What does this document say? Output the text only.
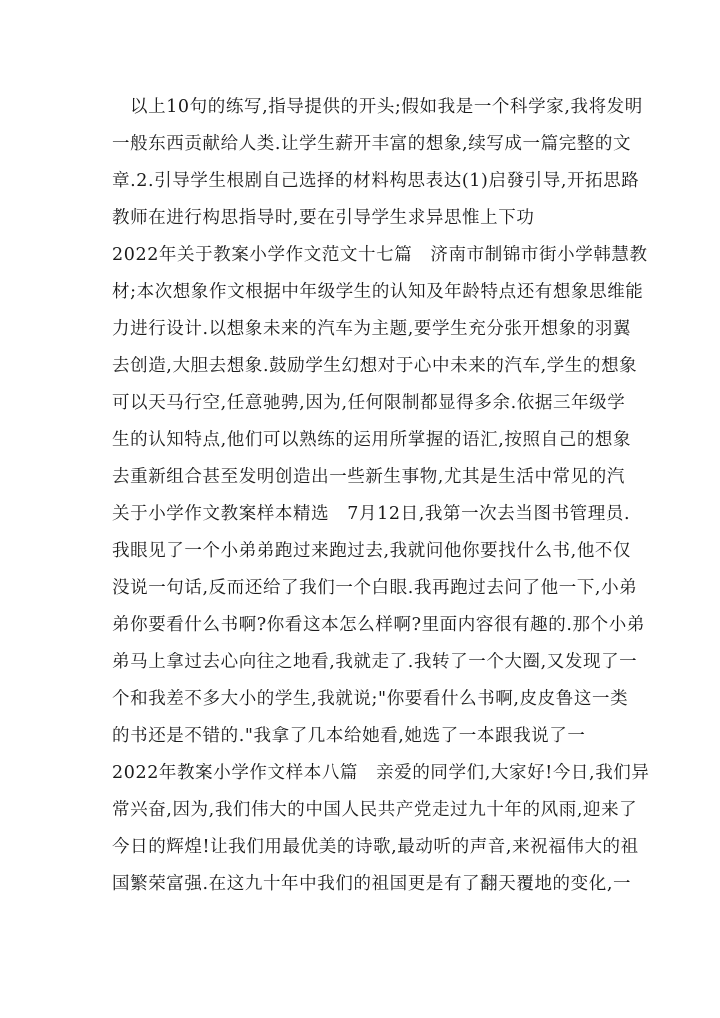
以上10句的练写,指导提供的开头;假如我是一个科学家,我将发明
一般东西贡献给人类.让学生薪开丰富的想象,续写成一篇完整的文
章.2.引导学生根剧自己选择的材料构思表达(1)启發引导,开拓思路
教师在进行构思指导时,要在引导学生求异思惟上下功
2022年关于教案小学作文范文十七篇　济南市制锦市街小学韩慧教
材;本次想象作文根据中年级学生的认知及年龄特点还有想象思维能
力进行设计.以想象未来的汽车为主题,要学生充分张开想象的羽翼
去创造,大胆去想象.鼓励学生幻想对于心中未来的汽车,学生的想象
可以天马行空,任意驰骋,因为,任何限制都显得多余.依据三年级学
生的认知特点,他们可以熟练的运用所掌握的语汇,按照自己的想象
去重新组合甚至发明创造出一些新生事物,尤其是生活中常见的汽
关于小学作文教案样本精选　7月12日,我第一次去当图书管理员.
我眼见了一个小弟弟跑过来跑过去,我就问他你要找什么书,他不仅
没说一句话,反而还给了我们一个白眼.我再跑过去问了他一下,小弟
弟你要看什么书啊?你看这本怎么样啊?里面内容很有趣的.那个小弟
弟马上拿过去心向往之地看,我就走了.我转了一个大圈,又发现了一
个和我差不多大小的学生,我就说;"你要看什么书啊,皮皮鲁这一类
的书还是不错的."我拿了几本给她看,她选了一本跟我说了一
2022年教案小学作文样本八篇　亲爱的同学们,大家好!今日,我们异
常兴奋,因为,我们伟大的中国人民共产党走过九十年的风雨,迎来了
今日的辉煌!让我们用最优美的诗歌,最动听的声音,来祝福伟大的祖
国繁荣富强.在这九十年中我们的祖国更是有了翻天覆地的变化,一
